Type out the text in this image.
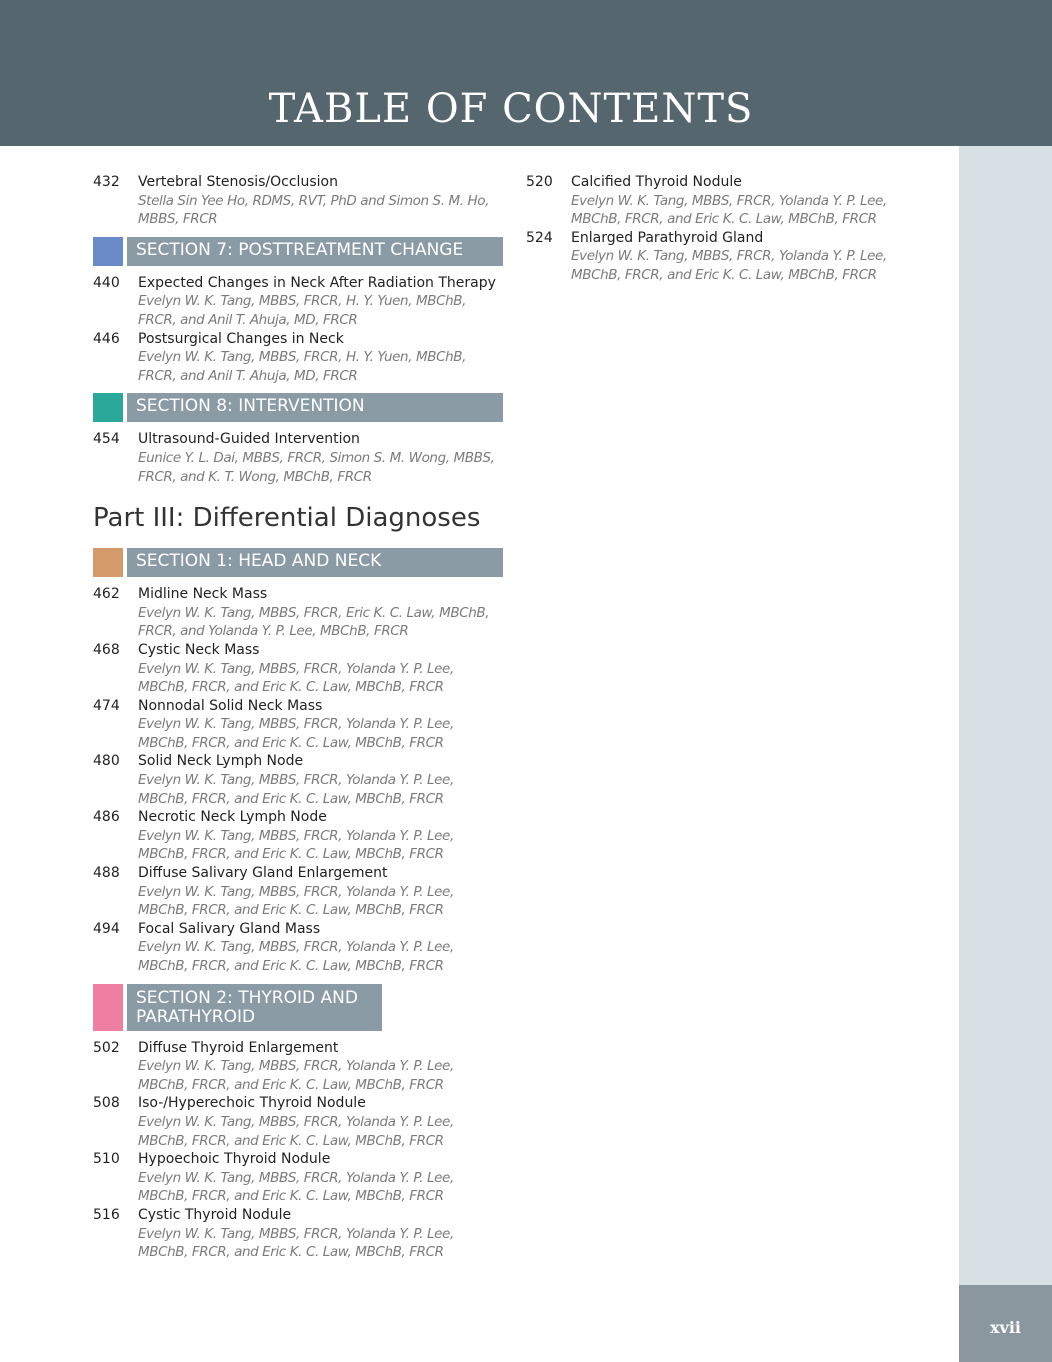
TABLE OF CONTENTS
xvii
432 Vertebral Stenosis/Occlusion
Stella Sin Yee Ho, RDMS, RVT, PhD and Simon S. M. Ho, MBBS, FRCR
SECTION 7: POSTTREATMENT CHANGE
440 Expected Changes in Neck After Radiation Therapy
Evelyn W. K. Tang, MBBS, FRCR, H. Y. Yuen, MBChB, FRCR, and Anil T. Ahuja, MD, FRCR
446 Postsurgical Changes in Neck
Evelyn W. K. Tang, MBBS, FRCR, H. Y. Yuen, MBChB, FRCR, and Anil T. Ahuja, MD, FRCR
SECTION 8: INTERVENTION
454 Ultrasound-Guided Intervention
Eunice Y. L. Dai, MBBS, FRCR, Simon S. M. Wong, MBBS, FRCR, and K. T. Wong, MBChB, FRCR
Part III: Differential Diagnoses
SECTION 1: HEAD AND NECK
462 Midline Neck Mass
Evelyn W. K. Tang, MBBS, FRCR, Eric K. C. Law, MBChB, FRCR, and Yolanda Y. P. Lee, MBChB, FRCR
468 Cystic Neck Mass
Evelyn W. K. Tang, MBBS, FRCR, Yolanda Y. P. Lee, MBChB, FRCR, and Eric K. C. Law, MBChB, FRCR
474 Nonnodal Solid Neck Mass
Evelyn W. K. Tang, MBBS, FRCR, Yolanda Y. P. Lee, MBChB, FRCR, and Eric K. C. Law, MBChB, FRCR
480 Solid Neck Lymph Node
Evelyn W. K. Tang, MBBS, FRCR, Yolanda Y. P. Lee, MBChB, FRCR, and Eric K. C. Law, MBChB, FRCR
486 Necrotic Neck Lymph Node
Evelyn W. K. Tang, MBBS, FRCR, Yolanda Y. P. Lee, MBChB, FRCR, and Eric K. C. Law, MBChB, FRCR
488 Diffuse Salivary Gland Enlargement
Evelyn W. K. Tang, MBBS, FRCR, Yolanda Y. P. Lee, MBChB, FRCR, and Eric K. C. Law, MBChB, FRCR
494 Focal Salivary Gland Mass
Evelyn W. K. Tang, MBBS, FRCR, Yolanda Y. P. Lee, MBChB, FRCR, and Eric K. C. Law, MBChB, FRCR
SECTION 2: THYROID AND PARATHYROID
502 Diffuse Thyroid Enlargement
Evelyn W. K. Tang, MBBS, FRCR, Yolanda Y. P. Lee, MBChB, FRCR, and Eric K. C. Law, MBChB, FRCR
508 Iso-/Hyperechoic Thyroid Nodule
Evelyn W. K. Tang, MBBS, FRCR, Yolanda Y. P. Lee, MBChB, FRCR, and Eric K. C. Law, MBChB, FRCR
510 Hypoechoic Thyroid Nodule
Evelyn W. K. Tang, MBBS, FRCR, Yolanda Y. P. Lee, MBChB, FRCR, and Eric K. C. Law, MBChB, FRCR
516 Cystic Thyroid Nodule
Evelyn W. K. Tang, MBBS, FRCR, Yolanda Y. P. Lee, MBChB, FRCR, and Eric K. C. Law, MBChB, FRCR
520 Calcified Thyroid Nodule
Evelyn W. K. Tang, MBBS, FRCR, Yolanda Y. P. Lee, MBChB, FRCR, and Eric K. C. Law, MBChB, FRCR
524 Enlarged Parathyroid Gland
Evelyn W. K. Tang, MBBS, FRCR, Yolanda Y. P. Lee, MBChB, FRCR, and Eric K. C. Law, MBChB, FRCR
